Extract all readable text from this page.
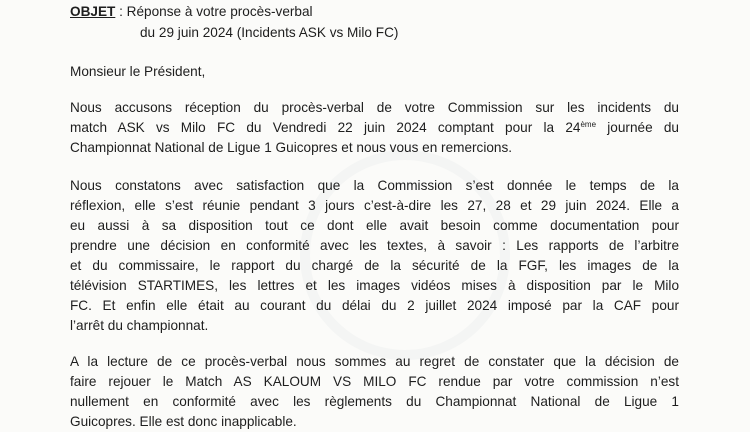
OBJET : Réponse à votre procès-verbal
du 29 juin 2024 (Incidents ASK vs Milo FC)
Monsieur le Président,
Nous accusons réception du procès-verbal de votre Commission sur les incidents du
match ASK vs Milo FC du Vendredi 22 juin 2024 comptant pour la 24ème journée du
Championnat National de Ligue 1 Guicopres et nous vous en remercions.
Nous constatons avec satisfaction que la Commission s’est donnée le temps de la
réflexion, elle s’est réunie pendant 3 jours c’est-à-dire les 27, 28 et 29 juin 2024. Elle a
eu aussi à sa disposition tout ce dont elle avait besoin comme documentation pour
prendre une décision en conformité avec les textes, à savoir : Les rapports de l’arbitre
et du commissaire, le rapport du chargé de la sécurité de la FGF, les images de la
télévision STARTIMES, les lettres et les images vidéos mises à disposition par le Milo
FC. Et enfin elle était au courant du délai du 2 juillet 2024 imposé par la CAF pour
l’arrêt du championnat.
A la lecture de ce procès-verbal nous sommes au regret de constater que la décision de
faire rejouer le Match AS KALOUM VS MILO FC rendue par votre commission n’est
nullement en conformité avec les règlements du Championnat National de Ligue 1
Guicopres. Elle est donc inapplicable.
